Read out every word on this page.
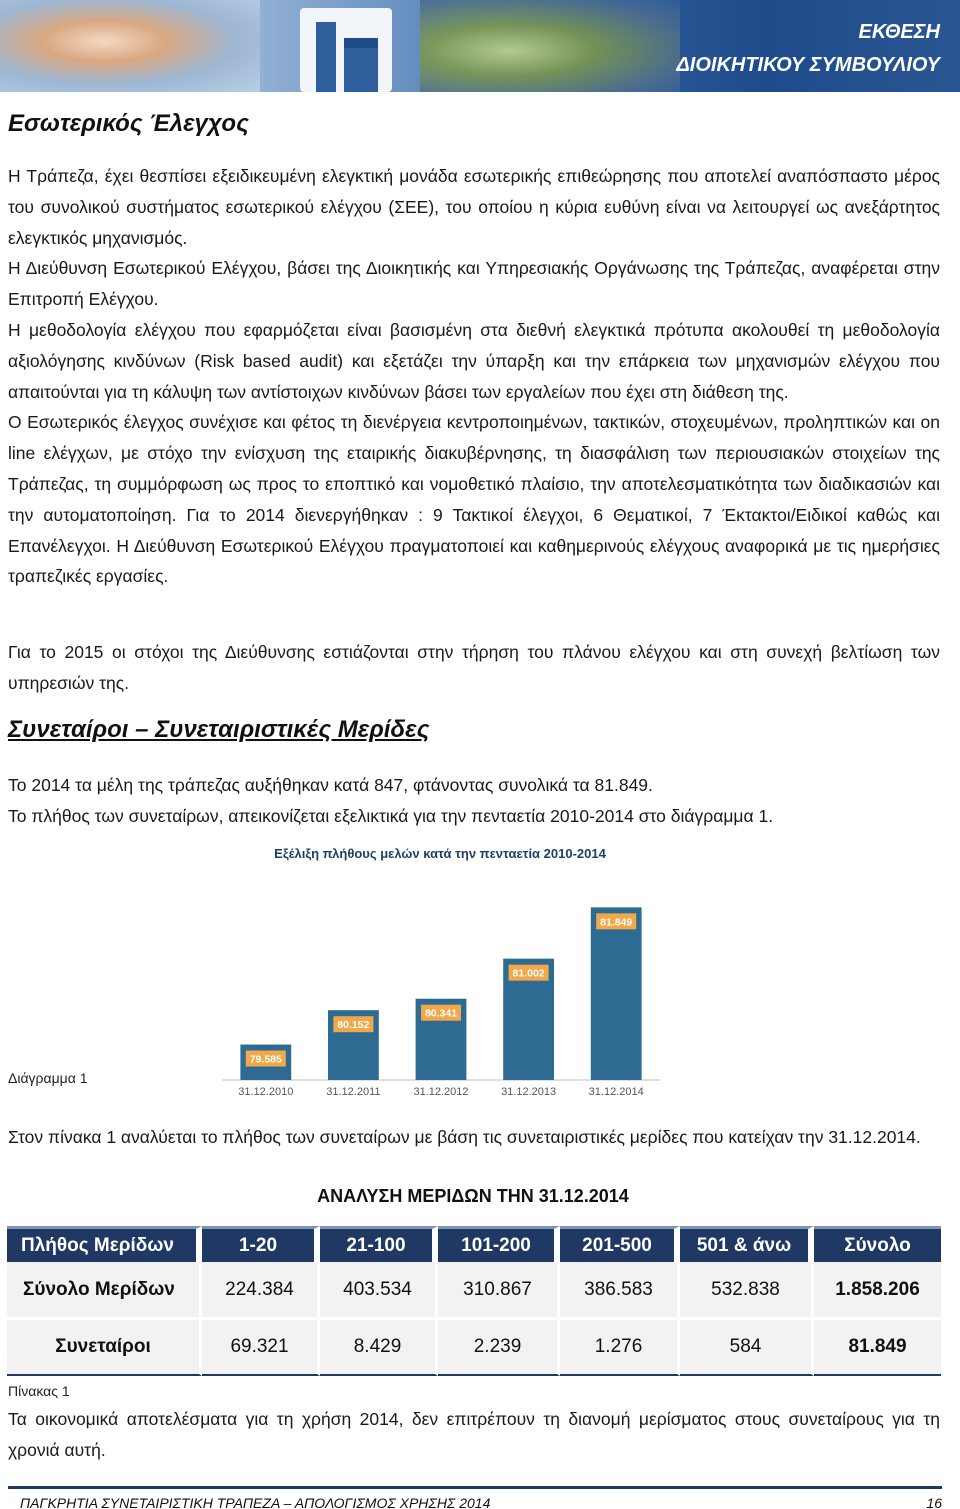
ΕΚΘΕΣΗ
ΔΙΟΙΚΗΤΙΚΟΥ ΣΥΜΒΟΥΛΙΟΥ
Εσωτερικός Έλεγχος

Η Τράπεζα, έχει θεσπίσει εξειδικευμένη ελεγκτική μονάδα εσωτερικής επιθεώρησης που αποτελεί αναπόσπαστο μέρος του συνολικού συστήματος εσωτερικού ελέγχου (ΣΕΕ), του οποίου η κύρια ευθύνη είναι να λειτουργεί ως ανεξάρτητος ελεγκτικός μηχανισμός.

Η Διεύθυνση Εσωτερικού Ελέγχου, βάσει της Διοικητικής και Υπηρεσιακής Οργάνωσης της Τράπεζας, αναφέρεται στην Επιτροπή Ελέγχου.

Η μεθοδολογία ελέγχου που εφαρμόζεται είναι βασισμένη στα διεθνή ελεγκτικά πρότυπα ακολουθεί τη μεθοδολογία αξιολόγησης κινδύνων (Risk based audit) και εξετάζει την ύπαρξη και την επάρκεια των μηχανισμών ελέγχου που απαιτούνται για τη κάλυψη των αντίστοιχων κινδύνων βάσει των εργαλείων που έχει στη διάθεση της.

Ο Εσωτερικός έλεγχος συνέχισε και φέτος τη διενέργεια κεντροποιημένων, τακτικών, στοχευμένων, προληπτικών και on line ελέγχων, με στόχο την ενίσχυση της εταιρικής διακυβέρνησης, τη διασφάλιση των περιουσιακών στοιχείων της Τράπεζας, τη συμμόρφωση ως προς το εποπτικό και νομοθετικό πλαίσιο, την αποτελεσματικότητα των διαδικασιών και την αυτοματοποίηση. Για το 2014 διενεργήθηκαν : 9 Τακτικοί έλεγχοι, 6 Θεματικοί, 7 Έκτακτοι/Ειδικοί καθώς και Επανέλεγχοι. Η Διεύθυνση Εσωτερικού Ελέγχου πραγματοποιεί και καθημερινούς ελέγχους αναφορικά με τις ημερήσιες τραπεζικές εργασίες.

Για το 2015 οι στόχοι της Διεύθυνσης εστιάζονται στην τήρηση του πλάνου ελέγχου και στη συνεχή βελτίωση των υπηρεσιών της.

Συνεταίροι – Συνεταιριστικές Μερίδες

Το 2014 τα μέλη της τράπεζας αυξήθηκαν κατά 847, φτάνοντας συνολικά τα 81.849.

Το πλήθος των συνεταίρων, απεικονίζεται εξελικτικά για την πενταετία 2010-2014 στο διάγραμμα 1.

Εξέλιξη πλήθους μελών κατά την πενταετία 2010-2014
79.585
31.12.2010
80.152
31.12.2011
80.341
31.12.2012
81.002
31.12.2013
81.849
31.12.2014
Διάγραμμα 1

Στον πίνακα 1 αναλύεται το πλήθος των συνεταίρων με βάση τις συνεταιριστικές μερίδες που κατείχαν την 31.12.2014.

ΑΝΑΛΥΣΗ ΜΕΡΙΔΩΝ ΤΗΝ 31.12.2014
Πλήθος Μερίδων	1-20	21-100	101-200	201-500	501 & άνω	Σύνολο
Σύνολο Μερίδων	224.384	403.534	310.867	386.583	532.838	1.858.206
Συνεταίροι	69.321	8.429	2.239	1.276	584	81.849
Πίνακας 1

Τα οικονομικά αποτελέσματα για τη χρήση 2014, δεν επιτρέπουν τη διανομή μερίσματος στους συνεταίρους για τη χρονιά αυτή.

ΠΑΓΚΡΗΤΙΑ ΣΥΝΕΤΑΙΡΙΣΤΙΚΗ ΤΡΑΠΕΖΑ – ΑΠΟΛΟΓΙΣΜΟΣ ΧΡΗΣΗΣ 2014	16
